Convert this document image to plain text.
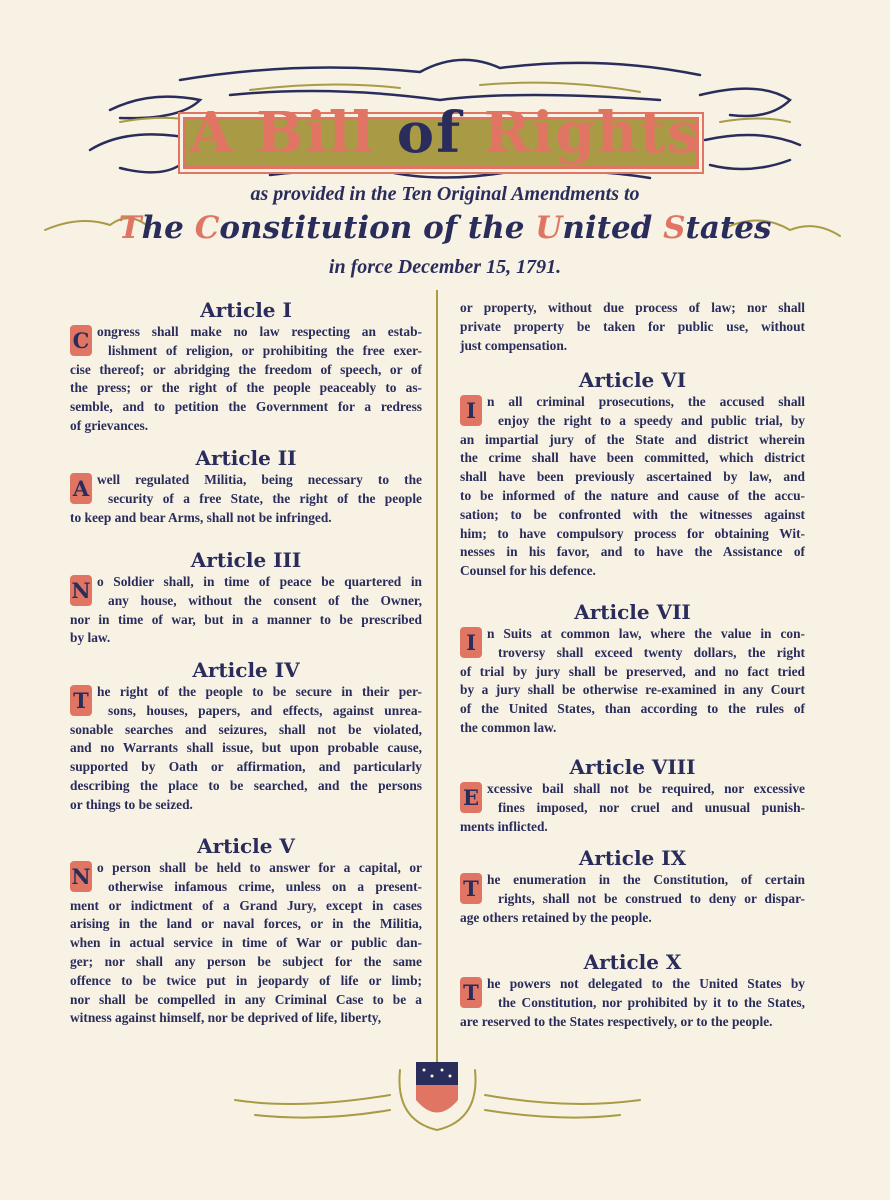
A Bill of Rights
as provided in the Ten Original Amendments to
The Constitution of the United States
in force December 15, 1791.
Article I
C ongress shall make no law respecting an estab-
lishment of religion, or prohibiting the free exer-
cise thereof; or abridging the freedom of speech, or of
the press; or the right of the people peaceably to as-
semble, and to petition the Government for a redress
of grievances.
Article II
A well regulated Militia, being necessary to the
security of a free State, the right of the people
to keep and bear Arms, shall not be infringed.
Article III
N o Soldier shall, in time of peace be quartered in
any house, without the consent of the Owner,
nor in time of war, but in a manner to be prescribed
by law.
Article IV
T he right of the people to be secure in their per-
sons, houses, papers, and effects, against unrea-
sonable searches and seizures, shall not be violated,
and no Warrants shall issue, but upon probable cause,
supported by Oath or affirmation, and particularly
describing the place to be searched, and the persons
or things to be seized.
Article V
N o person shall be held to answer for a capital, or
otherwise infamous crime, unless on a present-
ment or indictment of a Grand Jury, except in cases
arising in the land or naval forces, or in the Militia,
when in actual service in time of War or public dan-
ger; nor shall any person be subject for the same
offence to be twice put in jeopardy of life or limb;
nor shall be compelled in any Criminal Case to be a
witness against himself, nor be deprived of life, liberty,
or property, without due process of law; nor shall
private property be taken for public use, without
just compensation.
Article VI
I n all criminal prosecutions, the accused shall
enjoy the right to a speedy and public trial, by
an impartial jury of the State and district wherein
the crime shall have been committed, which district
shall have been previously ascertained by law, and
to be informed of the nature and cause of the accu-
sation; to be confronted with the witnesses against
him; to have compulsory process for obtaining Wit-
nesses in his favor, and to have the Assistance of
Counsel for his defence.
Article VII
I n Suits at common law, where the value in con-
troversy shall exceed twenty dollars, the right
of trial by jury shall be preserved, and no fact tried
by a jury shall be otherwise re-examined in any Court
of the United States, than according to the rules of
the common law.
Article VIII
E xcessive bail shall not be required, nor excessive
fines imposed, nor cruel and unusual punish-
ments inflicted.
Article IX
T he enumeration in the Constitution, of certain
rights, shall not be construed to deny or dispar-
age others retained by the people.
Article X
T he powers not delegated to the United States by
the Constitution, nor prohibited by it to the States,
are reserved to the States respectively, or to the people.
